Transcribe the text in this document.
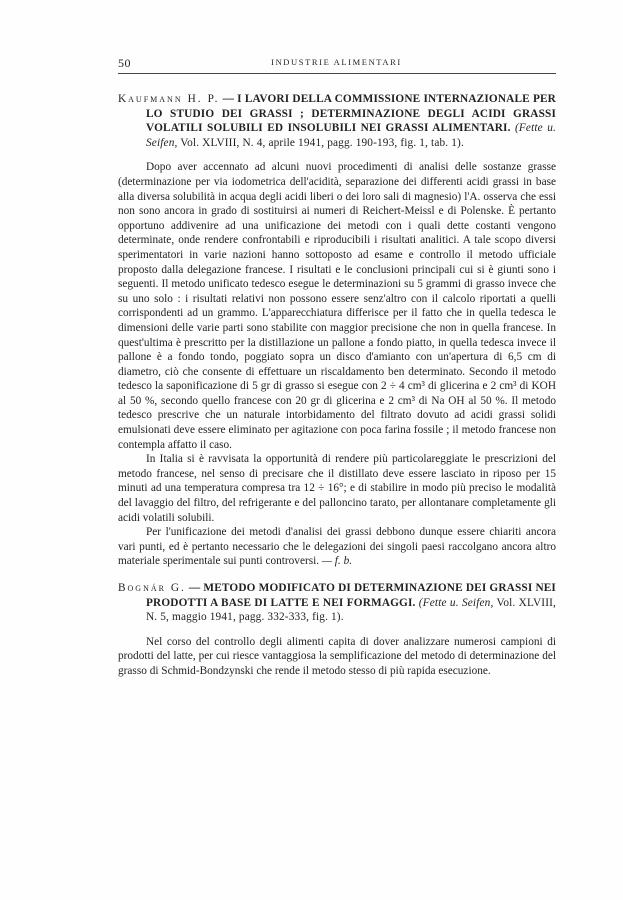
50	INDUSTRIE ALIMENTARI

Kaufmann H. P. — I LAVORI DELLA COMMISSIONE INTERNAZIONALE PER LO STUDIO DEI GRASSI ; DETERMINAZIONE DEGLI ACIDI GRASSI VOLATILI SOLUBILI ED INSOLUBILI NEI GRASSI ALIMENTARI. (Fette u. Seifen, Vol. XLVIII, N. 4, aprile 1941, pagg. 190-193, fig. 1, tab. 1).

Dopo aver accennato ad alcuni nuovi procedimenti di analisi delle sostanze grasse (determinazione per via iodometrica dell'acidità, separazione dei differenti acidi grassi in base alla diversa solubilità in acqua degli acidi liberi o dei loro sali di magnesio) l'A. osserva che essi non sono ancora in grado di sostituirsi ai numeri di Reichert-Meissl e di Polenske. È pertanto opportuno addivenire ad una unificazione dei metodi con i quali dette costanti vengono determinate, onde rendere confrontabili e riproducibili i risultati analitici. A tale scopo diversi sperimentatori in varie nazioni hanno sottoposto ad esame e controllo il metodo ufficiale proposto dalla delegazione francese. I risultati e le conclusioni principali cui si è giunti sono i seguenti. Il metodo unificato tedesco esegue le determinazioni su 5 grammi di grasso invece che su uno solo : i risultati relativi non possono essere senz'altro con il calcolo riportati a quelli corrispondenti ad un grammo. L'apparecchiatura differisce per il fatto che in quella tedesca le dimensioni delle varie parti sono stabilite con maggior precisione che non in quella francese. In quest'ultima è prescritto per la distillazione un pallone a fondo piatto, in quella tedesca invece il pallone è a fondo tondo, poggiato sopra un disco d'amianto con un'apertura di 6,5 cm di diametro, ciò che consente di effettuare un riscaldamento ben determinato. Secondo il metodo tedesco la saponificazione di 5 gr di grasso si esegue con 2 ÷ 4 cm³ di glicerina e 2 cm³ di KOH al 50 %, secondo quello francese con 20 gr di glicerina e 2 cm³ di Na OH al 50 %. Il metodo tedesco prescrive che un naturale intorbidamento del filtrato dovuto ad acidi grassi solidi emulsionati deve essere eliminato per agitazione con poca farina fossile ; il metodo francese non contempla affatto il caso.

In Italia si è ravvisata la opportunità di rendere più particolareggiate le prescrizioni del metodo francese, nel senso di precisare che il distillato deve essere lasciato in riposo per 15 minuti ad una temperatura compresa tra 12 ÷ 16°; e di stabilire in modo più preciso le modalità del lavaggio del filtro, del refrigerante e del palloncino tarato, per allontanare completamente gli acidi volatili solubili.

Per l'unificazione dei metodi d'analisi dei grassi debbono dunque essere chiariti ancora vari punti, ed è pertanto necessario che le delegazioni dei singoli paesi raccolgano ancora altro materiale sperimentale sui punti controversi. — f. b.

Bognár G. — METODO MODIFICATO DI DETERMINAZIONE DEI GRASSI NEI PRODOTTI A BASE DI LATTE E NEI FORMAGGI. (Fette u. Seifen, Vol. XLVIII, N. 5, maggio 1941, pagg. 332-333, fig. 1).

Nel corso del controllo degli alimenti capita di dover analizzare numerosi campioni di prodotti del latte, per cui riesce vantaggiosa la semplificazione del metodo di determinazione del grasso di Schmid-Bondzynski che rende il metodo stesso di più rapida esecuzione.
